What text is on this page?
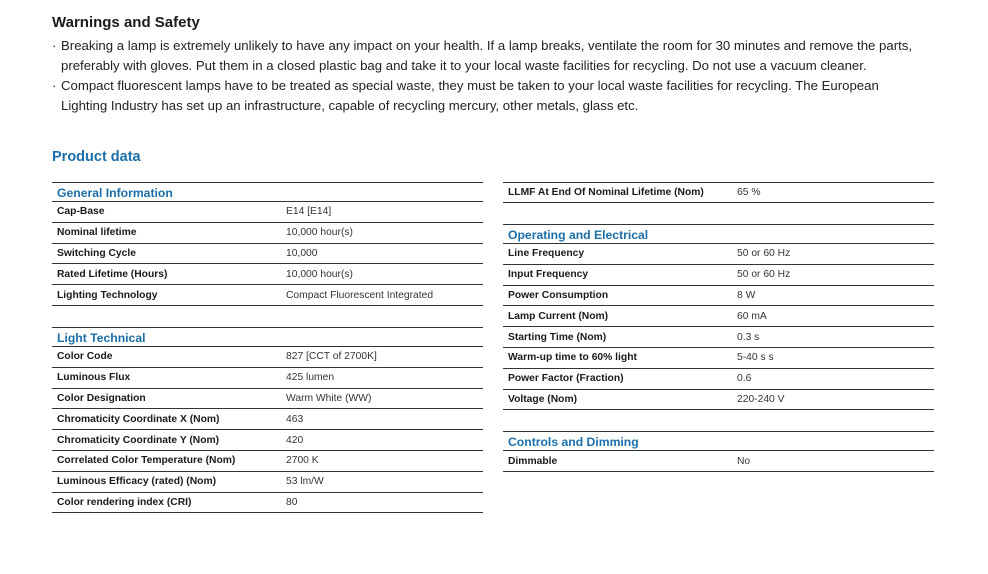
Warnings and Safety
· Breaking a lamp is extremely unlikely to have any impact on your health. If a lamp breaks, ventilate the room for 30 minutes and remove the parts, preferably with gloves. Put them in a closed plastic bag and take it to your local waste facilities for recycling. Do not use a vacuum cleaner.
· Compact fluorescent lamps have to be treated as special waste, they must be taken to your local waste facilities for recycling. The European Lighting Industry has set up an infrastructure, capable of recycling mercury, other metals, glass etc.
Product data
General Information
Cap-Base	E14 [E14]
Nominal lifetime	10,000 hour(s)
Switching Cycle	10,000
Rated Lifetime (Hours)	10,000 hour(s)
Lighting Technology	Compact Fluorescent Integrated
Light Technical
Color Code	827 [CCT of 2700K]
Luminous Flux	425 lumen
Color Designation	Warm White (WW)
Chromaticity Coordinate X (Nom)	463
Chromaticity Coordinate Y (Nom)	420
Correlated Color Temperature (Nom)	2700 K
Luminous Efficacy (rated) (Nom)	53 lm/W
Color rendering index (CRI)	80
LLMF At End Of Nominal Lifetime (Nom)	65 %
Operating and Electrical
Line Frequency	50 or 60 Hz
Input Frequency	50 or 60 Hz
Power Consumption	8 W
Lamp Current (Nom)	60 mA
Starting Time (Nom)	0.3 s
Warm-up time to 60% light	5-40 s s
Power Factor (Fraction)	0.6
Voltage (Nom)	220-240 V
Controls and Dimming
Dimmable	No
